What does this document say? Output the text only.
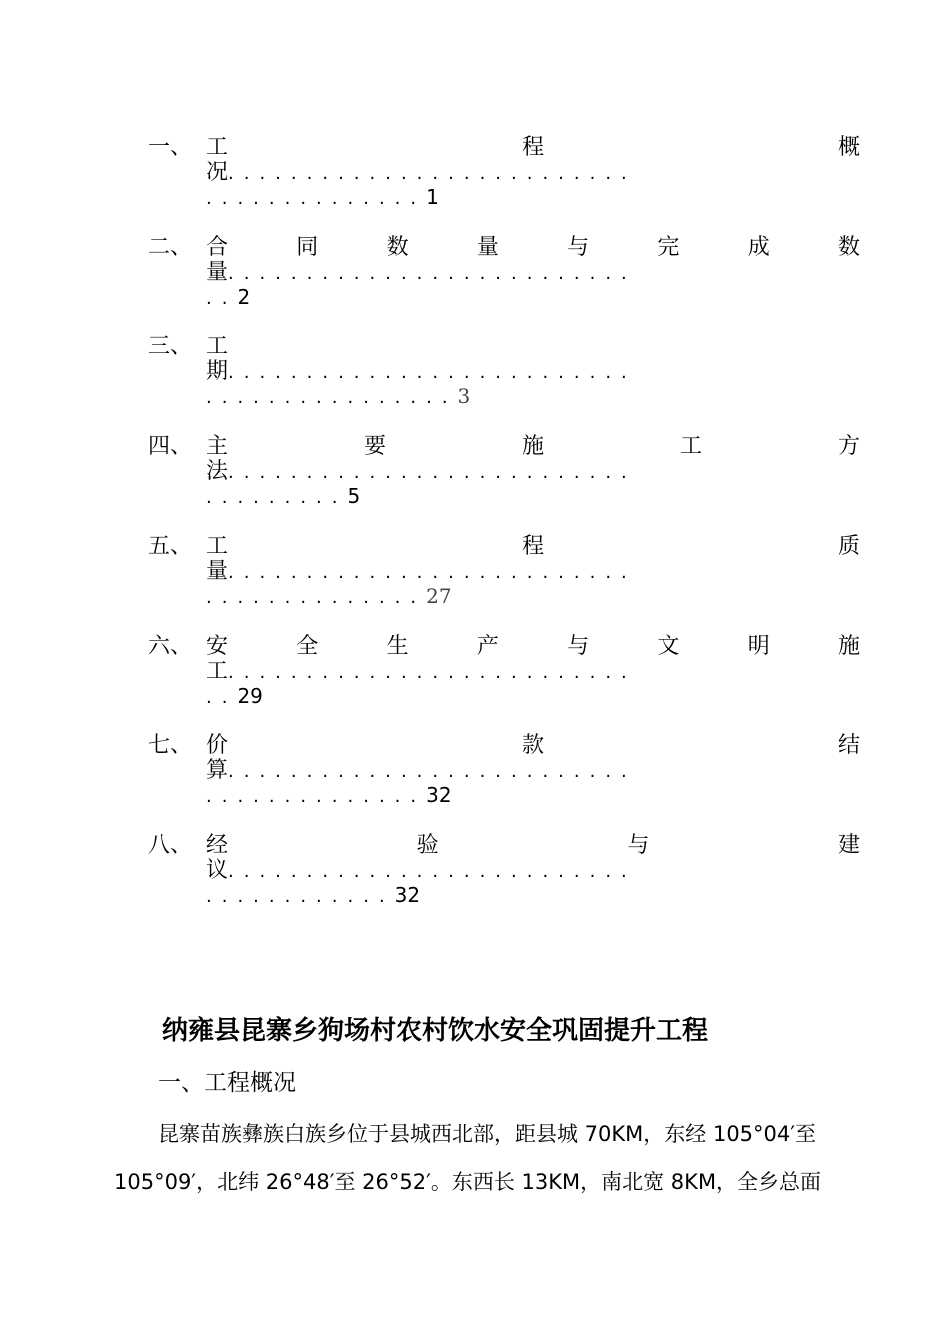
一、 工	程	概
况..........................
..............1
二、 合	同	数	量	与	完	成	数
量..........................
..2
三、 工
期..........................
................3
四、 主	要	施	工	方
法..........................
.........5
五、 工	程	质
量..........................
..............27
六、 安	全	生	产	与	文	明	施
工..........................
..29
七、 价	款	结
算..........................
..............32
八、 经	验	与	建
议..........................
............32
纳雍县昆寨乡狗场村农村饮水安全巩固提升工程
一、工程概况
昆寨苗族彝族白族乡位于县城西北部，距县城 70KM，东经 105°04′至
105°09′，北纬 26°48′至 26°52′。东西长 13KM，南北宽 8KM，全乡总面
